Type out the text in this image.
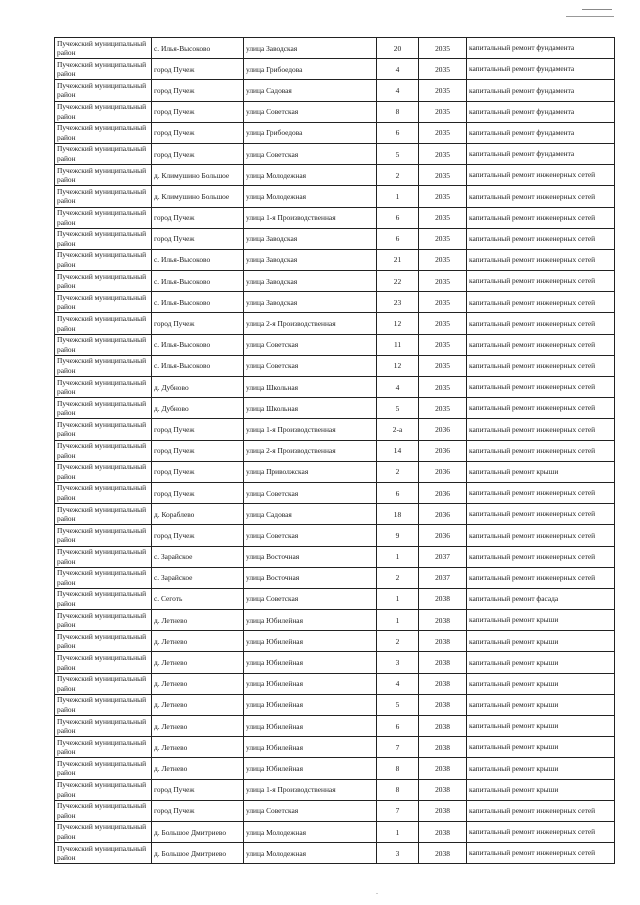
Пучежский муниципальный район	с. Илья-Высоково	улица Заводская	20	2035	капитальный ремонт фундамента
Пучежский муниципальный район	город Пучеж	улица Грибоедова	4	2035	капитальный ремонт фундамента
Пучежский муниципальный район	город Пучеж	улица Садовая	4	2035	капитальный ремонт фундамента
Пучежский муниципальный район	город Пучеж	улица Советская	8	2035	капитальный ремонт фундамента
Пучежский муниципальный район	город Пучеж	улица Грибоедова	6	2035	капитальный ремонт фундамента
Пучежский муниципальный район	город Пучеж	улица Советская	5	2035	капитальный ремонт фундамента
Пучежский муниципальный район	д. Климушино Большое	улица Молодежная	2	2035	капитальный ремонт инженерных сетей
Пучежский муниципальный район	д. Климушино Большое	улица Молодежная	1	2035	капитальный ремонт инженерных сетей
Пучежский муниципальный район	город Пучеж	улица 1-я Производственная	6	2035	капитальный ремонт инженерных сетей
Пучежский муниципальный район	город Пучеж	улица Заводская	6	2035	капитальный ремонт инженерных сетей
Пучежский муниципальный район	с. Илья-Высоково	улица Заводская	21	2035	капитальный ремонт инженерных сетей
Пучежский муниципальный район	с. Илья-Высоково	улица Заводская	22	2035	капитальный ремонт инженерных сетей
Пучежский муниципальный район	с. Илья-Высоково	улица Заводская	23	2035	капитальный ремонт инженерных сетей
Пучежский муниципальный район	город Пучеж	улица 2-я Производственная	12	2035	капитальный ремонт инженерных сетей
Пучежский муниципальный район	с. Илья-Высоково	улица Советская	11	2035	капитальный ремонт инженерных сетей
Пучежский муниципальный район	с. Илья-Высоково	улица Советская	12	2035	капитальный ремонт инженерных сетей
Пучежский муниципальный район	д. Дубново	улица Школьная	4	2035	капитальный ремонт инженерных сетей
Пучежский муниципальный район	д. Дубново	улица Школьная	5	2035	капитальный ремонт инженерных сетей
Пучежский муниципальный район	город Пучеж	улица 1-я Производственная	2-а	2036	капитальный ремонт инженерных сетей
Пучежский муниципальный район	город Пучеж	улица 2-я Производственная	14	2036	капитальный ремонт инженерных сетей
Пучежский муниципальный район	город Пучеж	улица Приволжская	2	2036	капитальный ремонт крыши
Пучежский муниципальный район	город Пучеж	улица Советская	6	2036	капитальный ремонт инженерных сетей
Пучежский муниципальный район	д. Кораблево	улица Садовая	18	2036	капитальный ремонт инженерных сетей
Пучежский муниципальный район	город Пучеж	улица Советская	9	2036	капитальный ремонт инженерных сетей
Пучежский муниципальный район	с. Зарайское	улица Восточная	1	2037	капитальный ремонт инженерных сетей
Пучежский муниципальный район	с. Зарайское	улица Восточная	2	2037	капитальный ремонт инженерных сетей
Пучежский муниципальный район	с. Сеготь	улица Советская	1	2038	капитальный ремонт фасада
Пучежский муниципальный район	д. Летнево	улица Юбилейная	1	2038	капитальный ремонт крыши
Пучежский муниципальный район	д. Летнево	улица Юбилейная	2	2038	капитальный ремонт крыши
Пучежский муниципальный район	д. Летнево	улица Юбилейная	3	2038	капитальный ремонт крыши
Пучежский муниципальный район	д. Летнево	улица Юбилейная	4	2038	капитальный ремонт крыши
Пучежский муниципальный район	д. Летнево	улица Юбилейная	5	2038	капитальный ремонт крыши
Пучежский муниципальный район	д. Летнево	улица Юбилейная	6	2038	капитальный ремонт крыши
Пучежский муниципальный район	д. Летнево	улица Юбилейная	7	2038	капитальный ремонт крыши
Пучежский муниципальный район	д. Летнево	улица Юбилейная	8	2038	капитальный ремонт крыши
Пучежский муниципальный район	город Пучеж	улица 1-я Производственная	8	2038	капитальный ремонт крыши
Пучежский муниципальный район	город Пучеж	улица Советская	7	2038	капитальный ремонт инженерных сетей
Пучежский муниципальный район	д. Большое Дмитриево	улица Молодежная	1	2038	капитальный ремонт инженерных сетей
Пучежский муниципальный район	д. Большое Дмитриево	улица Молодежная	3	2038	капитальный ремонт инженерных сетей
-
